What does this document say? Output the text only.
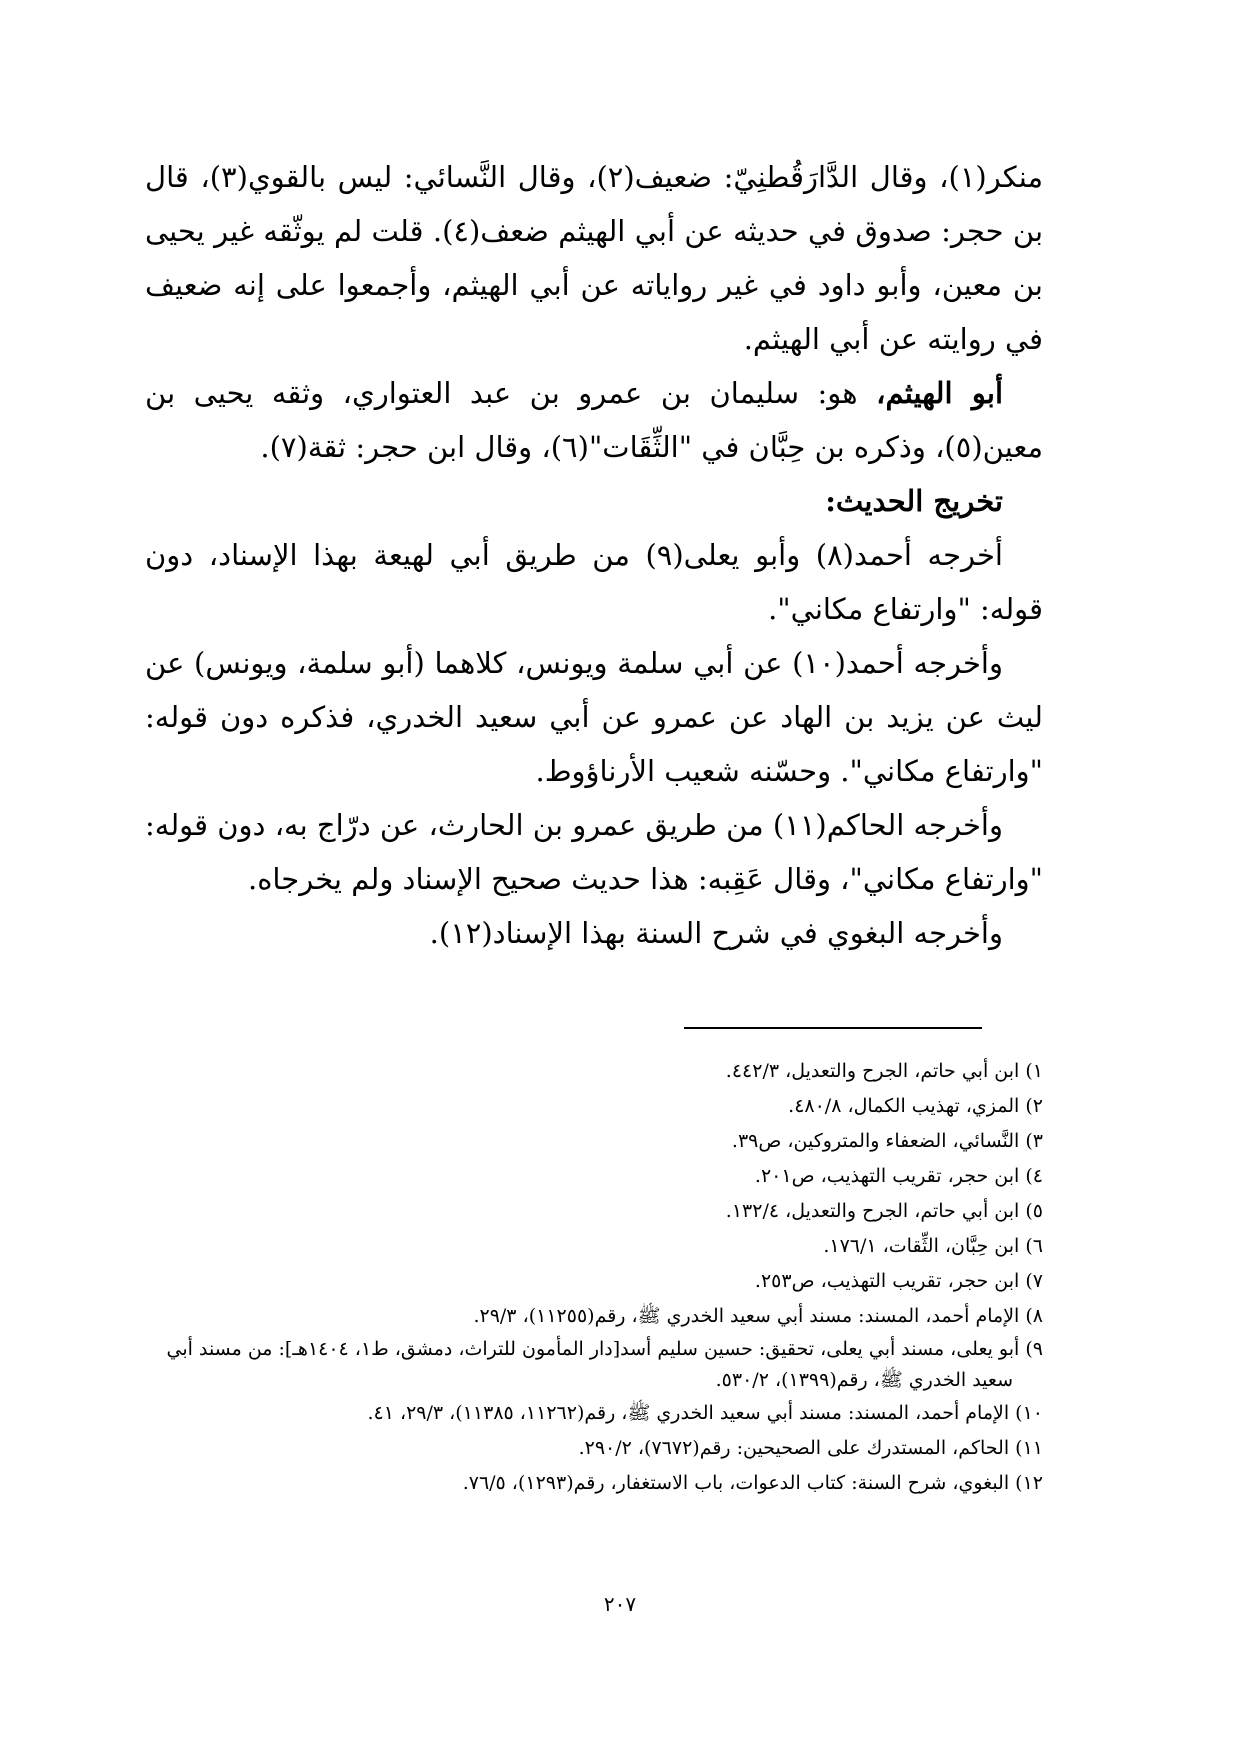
منكر(١)، وقال الدَّارَقُطنِيّ: ضعيف(٢)، وقال النَّسائي: ليس بالقوي(٣)، قال بن حجر: صدوق في حديثه عن أبي الهيثم ضعف(٤). قلت لم يوثّقه غير يحيى بن معين، وأبو داود في غير رواياته عن أبي الهيثم، وأجمعوا على إنه ضعيف في روايته عن أبي الهيثم.

أبو الهيثم، هو: سليمان بن عمرو بن عبد العتواري، وثقه يحيى بن معين(٥)، وذكره بن حِبَّان في "الثِّقَات"(٦)، وقال ابن حجر: ثقة(٧).

تخريج الحديث:

أخرجه أحمد(٨) وأبو يعلى(٩) من طريق أبي لهيعة بهذا الإسناد، دون قوله: "وارتفاع مكاني".

وأخرجه أحمد(١٠) عن أبي سلمة ويونس، كلاهما (أبو سلمة، ويونس) عن ليث عن يزيد بن الهاد عن عمرو عن أبي سعيد الخدري، فذكره دون قوله: "وارتفاع مكاني". وحسّنه شعيب الأرناؤوط.

وأخرجه الحاكم(١١) من طريق عمرو بن الحارث، عن درّاج به، دون قوله: "وارتفاع مكاني"، وقال عَقِبه: هذا حديث صحيح الإسناد ولم يخرجاه.

وأخرجه البغوي في شرح السنة بهذا الإسناد(١٢).

١) ابن أبي حاتم، الجرح والتعديل، ٤٤٢/٣.

٢) المزي، تهذيب الكمال، ٤٨٠/٨.

٣) النَّسائي، الضعفاء والمتروكين، ص٣٩.

٤) ابن حجر، تقريب التهذيب، ص٢٠١.

٥) ابن أبي حاتم، الجرح والتعديل، ١٣٢/٤.

٦) ابن حِبَّان، الثِّقات، ١٧٦/١.

٧) ابن حجر، تقريب التهذيب، ص٢٥٣.

٨) الإمام أحمد، المسند: مسند أبي سعيد الخدري ﷺ، رقم(١١٢٥٥)، ٢٩/٣.

٩) أبو يعلى، مسند أبي يعلى، تحقيق: حسين سليم أسد[دار المأمون للتراث، دمشق، ط١، ١٤٠٤هـ]: من مسند أبي سعيد الخدري ﷺ، رقم(١٣٩٩)، ٥٣٠/٢.

١٠) الإمام أحمد، المسند: مسند أبي سعيد الخدري ﷺ، رقم(١١٢٦٢، ١١٣٨٥)، ٢٩/٣، ٤١.

١١) الحاكم، المستدرك على الصحيحين: رقم(٧٦٧٢)، ٢٩٠/٢.

١٢) البغوي، شرح السنة: كتاب الدعوات، باب الاستغفار، رقم(١٢٩٣)، ٧٦/٥.

٢٠٧
